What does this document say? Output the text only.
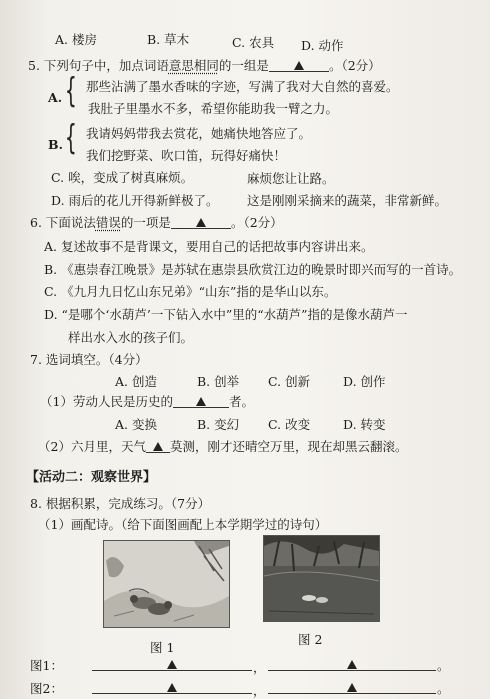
A. 楼房	B. 草木	C. 农具 D. 动作
5. 下列句子中，加点词语意思相同的一组是	。（2分）
A. { 那些沾满了墨水香味的字迹，写满了我对大自然的喜爱。
我肚子里墨水不多，希望你能助我一臂之力。
B. { 我请妈妈带我去赏花，她痛快地答应了。
我们挖野菜、吹口笛，玩得好痛快！
C. 唉，变成了树真麻烦。	麻烦您让让路。
D. 雨后的花儿开得新鲜极了。 这是刚刚采摘来的蔬菜，非常新鲜。
6. 下面说法错误的一项是	。（2分）
A. 复述故事不是背课文，要用自己的话把故事内容讲出来。
B. 《惠崇春江晚景》是苏轼在惠崇县欣赏江边的晚景时即兴而写的一首诗。
C. 《九月九日忆山东兄弟》“山东”指的是华山以东。
D. “是哪个‘水葫芦’一下钻入水中”里的“水葫芦”指的是像水葫芦一
样出水入水的孩子们。
7. 选词填空。（4分）
A. 创造	B. 创举 C. 创新	D. 创作
（1）劳动人民是历史的	者。
A. 变换	B. 变幻 C. 改变	D. 转变
（2）六月里，天气 莫测，刚才还晴空万里，现在却黑云翻滚。
【活动二：观察世界】
8. 根据积累，完成练习。（7分）
（1）画配诗。（给下面图画配上本学期学过的诗句）
图 1
图 2
图1：	，	。
图2：	，	。
